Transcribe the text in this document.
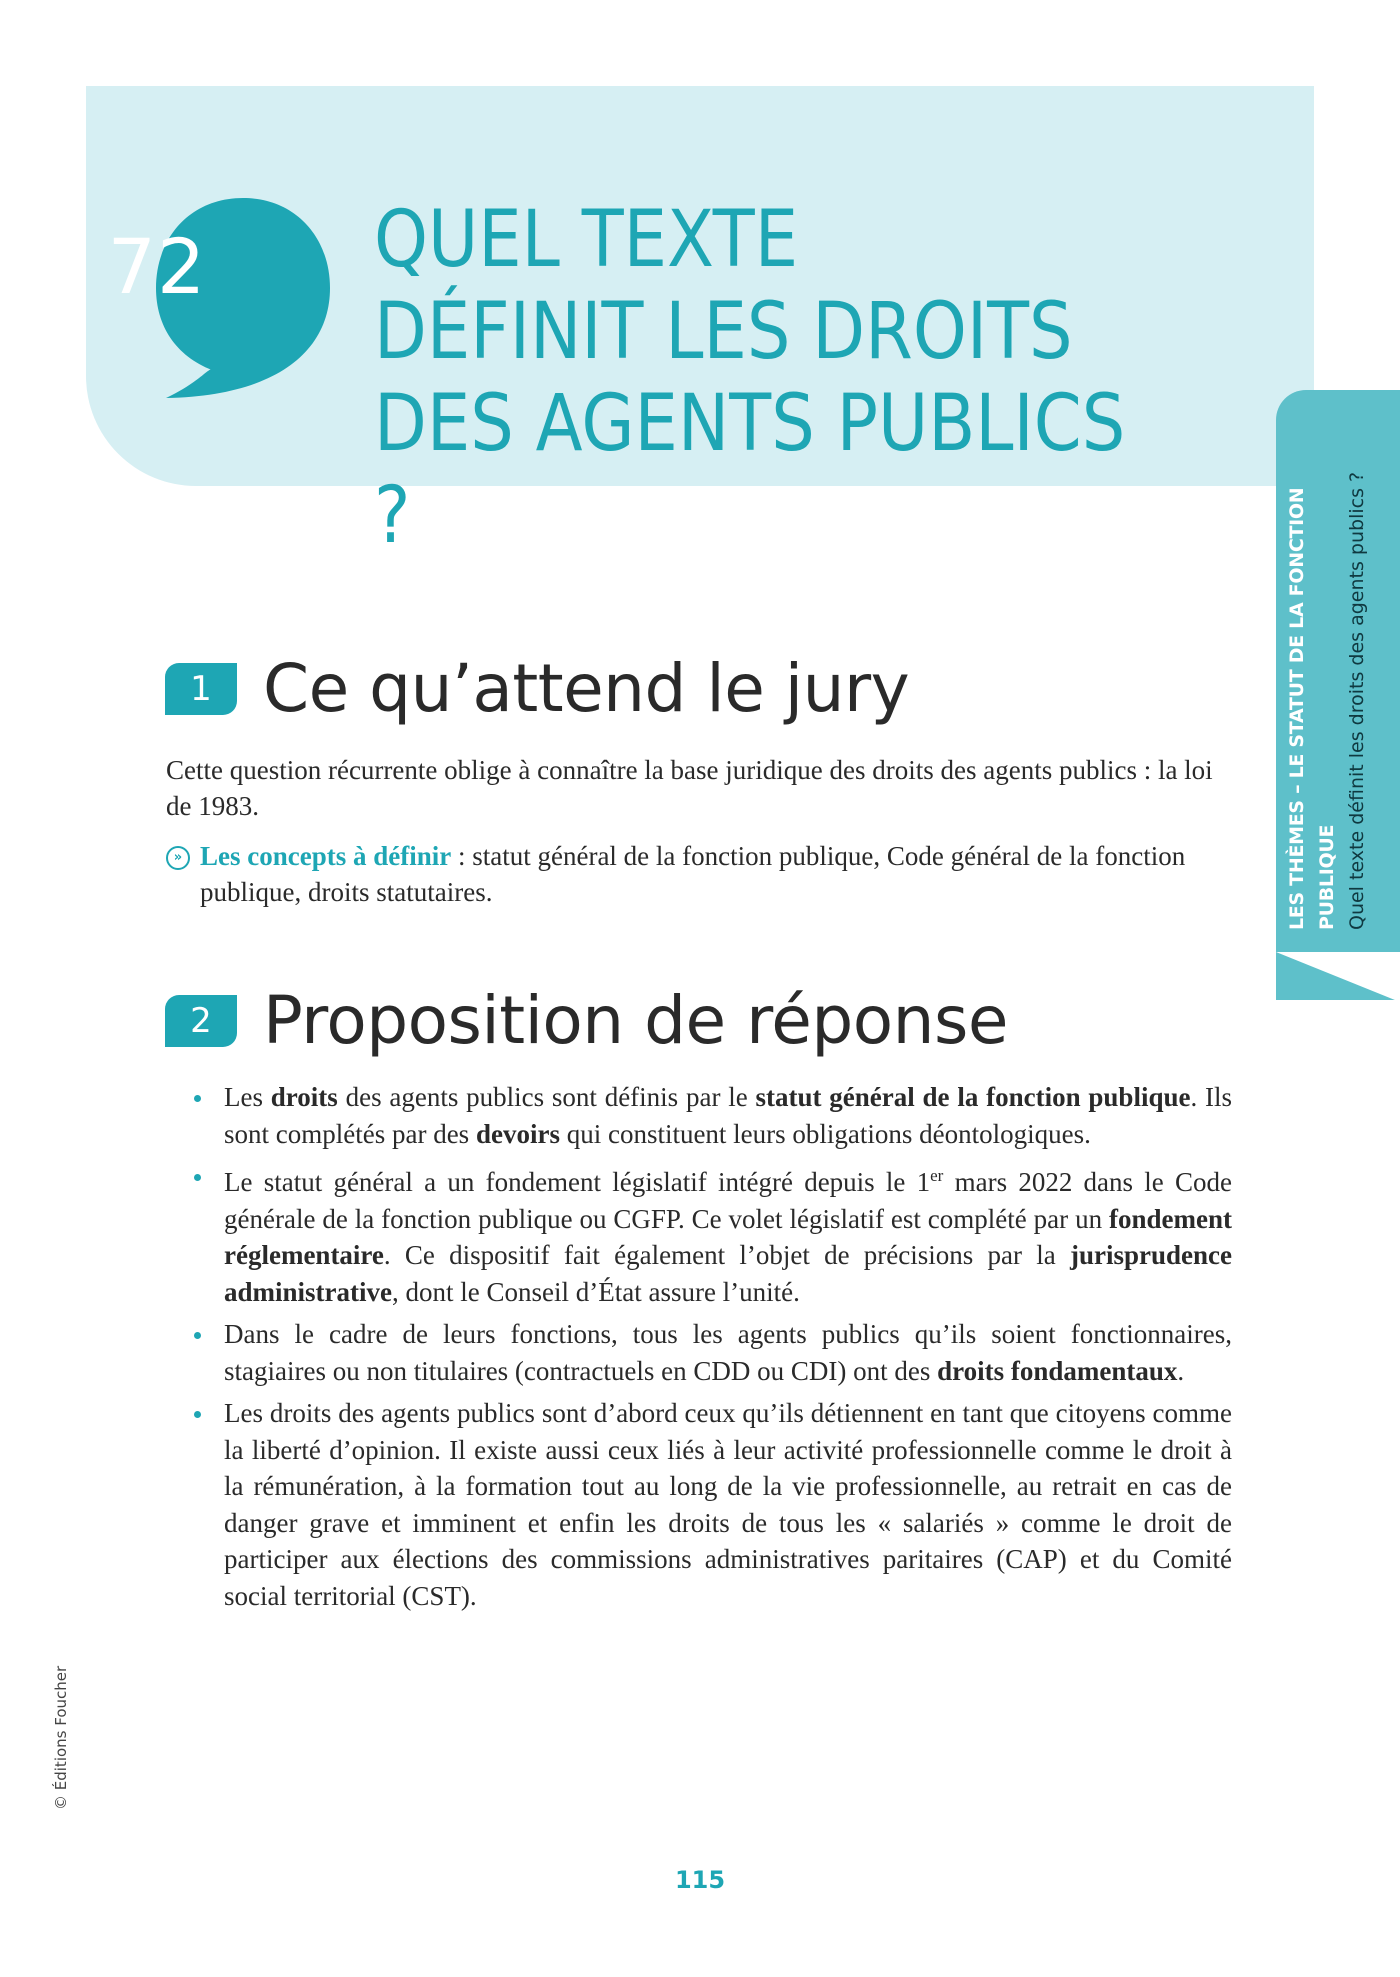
72	QUEL TEXTE
DÉFINIT LES DROITS
DES AGENTS PUBLICS ?	LES THÈMES – LE STATUT DE LA FONCTION PUBLIQUE Quel texte définit les droits des agents publics ?
1 Ce qu’attend le jury

Cette question récurrente oblige à connaître la base juridique des droits des agents publics : la loi de 1983.

» Les concepts à définir : statut général de la fonction publique, Code général de la fonction publique, droits statutaires.
2 Proposition de réponse
Les droits des agents publics sont définis par le statut général de la fonction publique. Ils sont complétés par des devoirs qui constituent leurs obligations déontologiques.
Le statut général a un fondement législatif intégré depuis le 1er mars 2022 dans le Code générale de la fonction publique ou CGFP. Ce volet législatif est complété par un fondement réglementaire. Ce dispositif fait également l’objet de précisions par la jurisprudence administrative, dont le Conseil d’État assure l’unité.
Dans le cadre de leurs fonctions, tous les agents publics qu’ils soient fonctionnaires, stagiaires ou non titulaires (contractuels en CDD ou CDI) ont des droits fondamentaux.
Les droits des agents publics sont d’abord ceux qu’ils détiennent en tant que citoyens comme la liberté d’opinion. Il existe aussi ceux liés à leur activité professionnelle comme le droit à la rémunération, à la formation tout au long de la vie professionnelle, au retrait en cas de danger grave et imminent et enfin les droits de tous les « salariés » comme le droit de participer aux élections des commissions administratives paritaires (CAP) et du Comité social territorial (CST).
© Éditions Foucher
115
